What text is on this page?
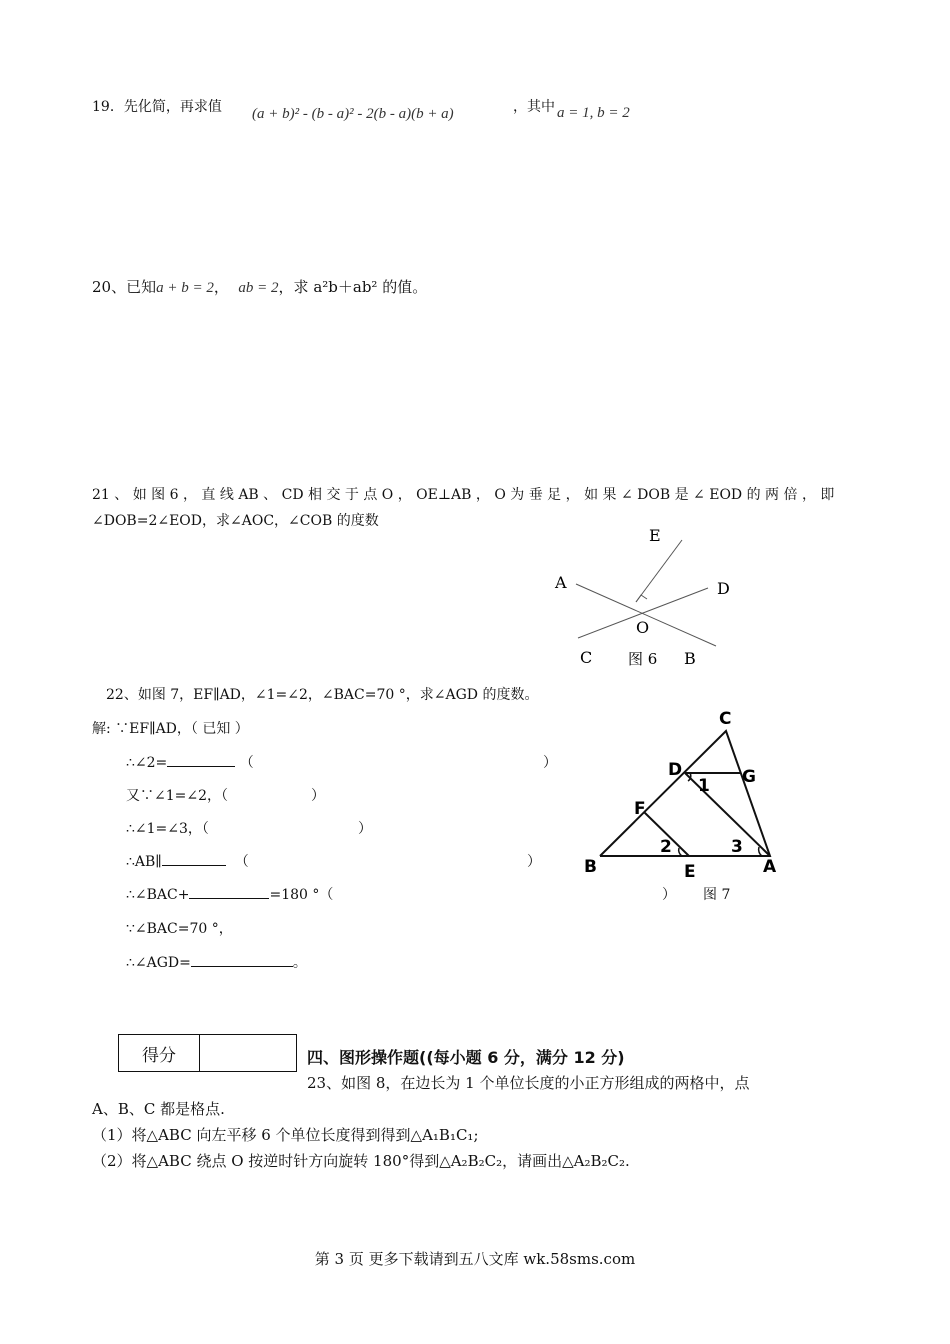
19．先化简，再求值 (a + b)² - (b - a)² - 2(b - a)(b + a)	，其中 a = 1, b = 2
20、已知a + b = 2， ab = 2，求 a²b＋ab² 的值。
21 、 如 图 6 ， 直 线 AB 、 CD 相 交 于 点 O ， OE⊥AB ， O 为 垂 足 ， 如 果 ∠ DOB 是 ∠ EOD 的 两 倍 ， 即
∠DOB=2∠EOD，求∠AOC，∠COB 的度数
E
A	D
O
C 图 6 B
22、如图 7，EF∥AD，∠1=∠2，∠BAC=70 °，求∠AGD 的度数。
解: ∵EF∥AD，（ 已知 ）
∴∠2=	（	）
又∵∠1=∠2，（	）
∴∠1=∠3，（	）
∴AB∥	（	）
∴∠BAC+	=180 °（	）
∵∠BAC=70 °，
∴∠AGD=	。
C
D	G
1
F
2	3
B	E	A
图 7
得分		四、图形操作题((每小题 6 分，满分 12 分)
23、如图 8，在边长为 1 个单位长度的小正方形组成的两格中，点
A、B、C 都是格点.
（1）将△ABC 向左平移 6 个单位长度得到得到△A₁B₁C₁;
（2）将△ABC 绕点 O 按逆时针方向旋转 180°得到△A₂B₂C₂，请画出△A₂B₂C₂.
第 3 页 更多下载请到五八文库 wk.58sms.com
